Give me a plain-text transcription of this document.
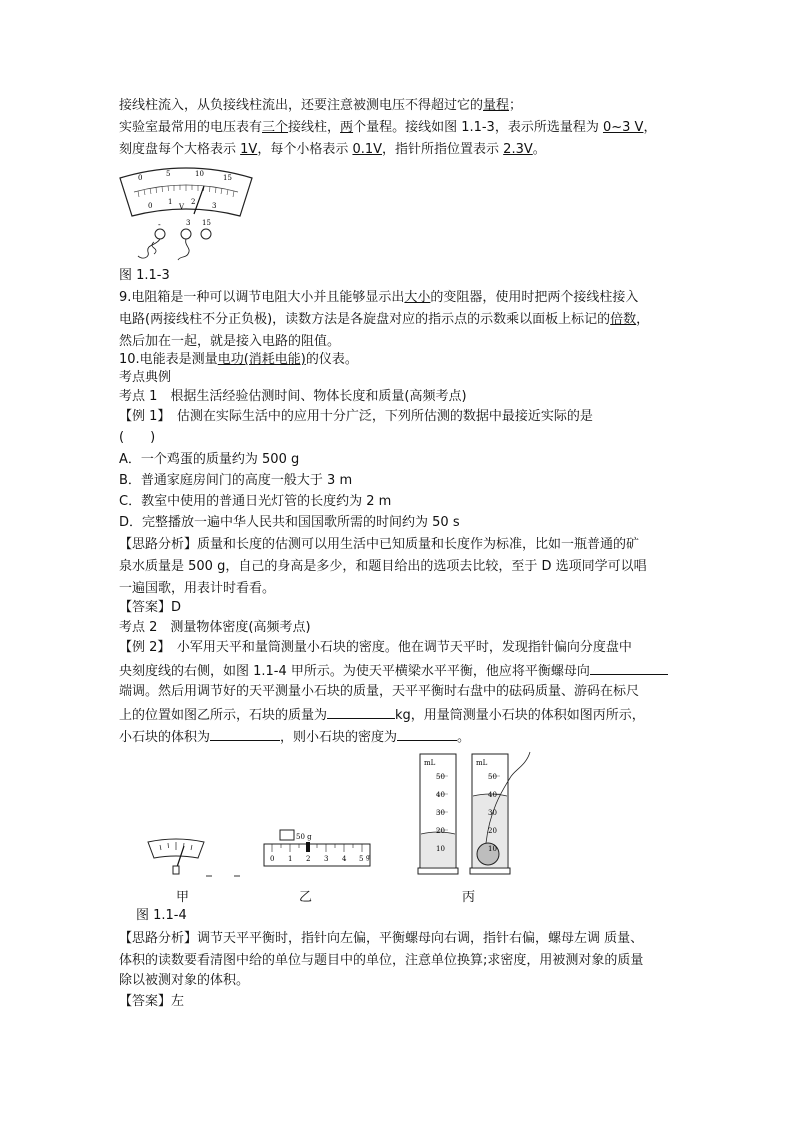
接线柱流入，从负接线柱流出，还要注意被测电压不得超过它的量程；
实验室最常用的电压表有三个接线柱，两个量程。接线如图 1.1-3，表示所选量程为 0~3 V，
刻度盘每个大格表示 1V，每个小格表示 0.1V，指针所指位置表示 2.3V。
0	5	10	15
0 1	2 3
V
-	3 15
图 1.1-3
9.电阻箱是一种可以调节电阻大小并且能够显示出大小的变阻器，使用时把两个接线柱接入
电路(两接线柱不分正负极)，读数方法是各旋盘对应的指示点的示数乘以面板上标记的倍数，
然后加在一起，就是接入电路的阻值。
10.电能表是测量电功(消耗电能)的仪表。
考点典例
考点 1　根据生活经验估测时间、物体长度和质量(高频考点)
【例 1】　估测在实际生活中的应用十分广泛，下列所估测的数据中最接近实际的是
(　　)
A．一个鸡蛋的质量约为 500 g
B．普通家庭房间门的高度一般大于 3 m
C．教室中使用的普通日光灯管的长度约为 2 m
D．完整播放一遍中华人民共和国国歌所需的时间约为 50 s
【思路分析】质量和长度的估测可以用生活中已知质量和长度作为标准，比如一瓶普通的矿
泉水质量是 500 g，自己的身高是多少，和题目给出的选项去比较，至于 D 选项同学可以唱
一遍国歌，用表计时看看。
【答案】D
考点 2　测量物体密度(高频考点)
【例 2】　小军用天平和量筒测量小石块的密度。他在调节天平时，发现指针偏向分度盘中
央刻度线的右侧，如图 1.1-4 甲所示。为使天平横梁水平平衡，他应将平衡螺母向
端调。然后用调节好的天平测量小石块的质量，天平平衡时右盘中的砝码质量、游码在标尺
上的位置如图乙所示，石块的质量为	kg，用量筒测量小石块的体积如图丙所示，
小石块的体积为	，则小石块的密度为	。
50 g
0 1 2 3 4 5 g
mL
50
40
30
20
10
mL
50
40
30
20
10
甲	乙	丙
图 1.1-4
【思路分析】调节天平平衡时，指针向左偏，平衡螺母向右调，指针右偏，螺母左调 质量、
体积的读数要看清图中给的单位与题目中的单位，注意单位换算;求密度，用被测对象的质量
除以被测对象的体积。
【答案】左
